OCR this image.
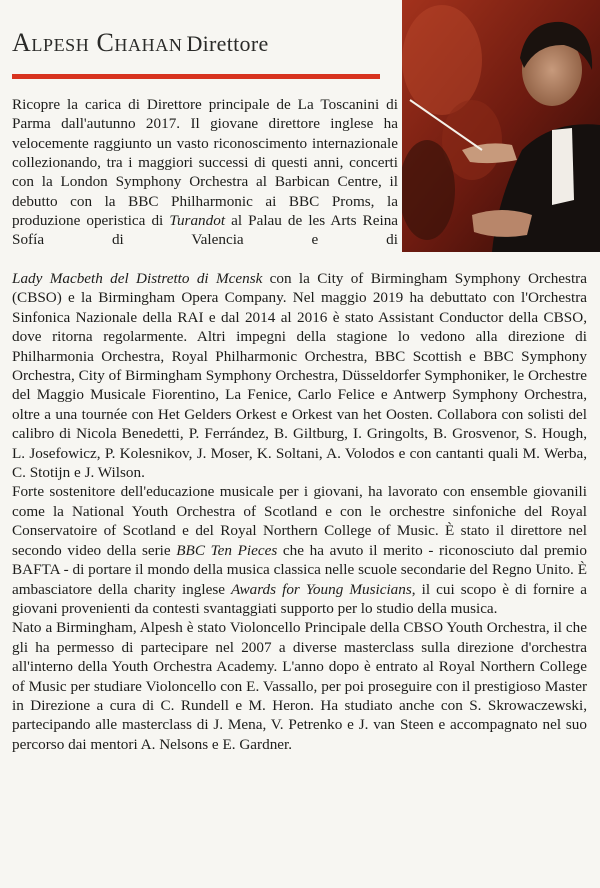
Alpesh Chahan Direttore

Ricopre la carica di Direttore principale de La Toscanini di Parma dall'autunno 2017. Il giovane direttore inglese ha velocemente raggiunto un vasto riconoscimento internazionale collezionando, tra i maggiori successi di questi anni, concerti con la London Symphony Orchestra al Barbican Centre, il debutto con la BBC Philharmonic ai BBC Proms, la produzione operistica di Turandot al Palau de les Arts Reina Sofía di Valencia e di

Lady Macbeth del Distretto di Mcensk con la City of Birmingham Symphony Orchestra (CBSO) e la Birmingham Opera Company. Nel maggio 2019 ha debuttato con l'Orchestra Sinfonica Nazionale della RAI e dal 2014 al 2016 è stato Assistant Conductor della CBSO, dove ritorna regolarmente. Altri impegni della stagione lo vedono alla direzione di Philharmonia Orchestra, Royal Philharmonic Orchestra, BBC Scottish e BBC Symphony Orchestra, City of Birmingham Symphony Orchestra, Düsseldorfer Symphoniker, le Orchestre del Maggio Musicale Fiorentino, La Fenice, Carlo Felice e Antwerp Symphony Orchestra, oltre a una tournée con Het Gelders Orkest e Orkest van het Oosten. Collabora con solisti del calibro di Nicola Benedetti, P. Ferrández, B. Giltburg, I. Gringolts, B. Grosvenor, S. Hough, L. Josefowicz, P. Kolesnikov, J. Moser, K. Soltani, A. Volodos e con cantanti quali M. Werba, C. Stotijn e J. Wilson.

Forte sostenitore dell'educazione musicale per i giovani, ha lavorato con ensemble giovanili come la National Youth Orchestra of Scotland e con le orchestre sinfoniche del Royal Conservatoire of Scotland e del Royal Northern College of Music. È stato il direttore nel secondo video della serie BBC Ten Pieces che ha avuto il merito - riconosciuto dal premio BAFTA - di portare il mondo della musica classica nelle scuole secondarie del Regno Unito. È ambasciatore della charity inglese Awards for Young Musicians, il cui scopo è di fornire a giovani provenienti da contesti svantaggiati supporto per lo studio della musica.

Nato a Birmingham, Alpesh è stato Violoncello Principale della CBSO Youth Orchestra, il che gli ha permesso di partecipare nel 2007 a diverse masterclass sulla direzione d'orchestra all'interno della Youth Orchestra Academy. L'anno dopo è entrato al Royal Northern College of Music per studiare Violoncello con E. Vassallo, per poi proseguire con il prestigioso Master in Direzione a cura di C. Rundell e M. Heron. Ha studiato anche con S. Skrowaczewski, partecipando alle masterclass di J. Mena, V. Petrenko e J. van Steen e accompagnato nel suo percorso dai mentori A. Nelsons e E. Gardner.
